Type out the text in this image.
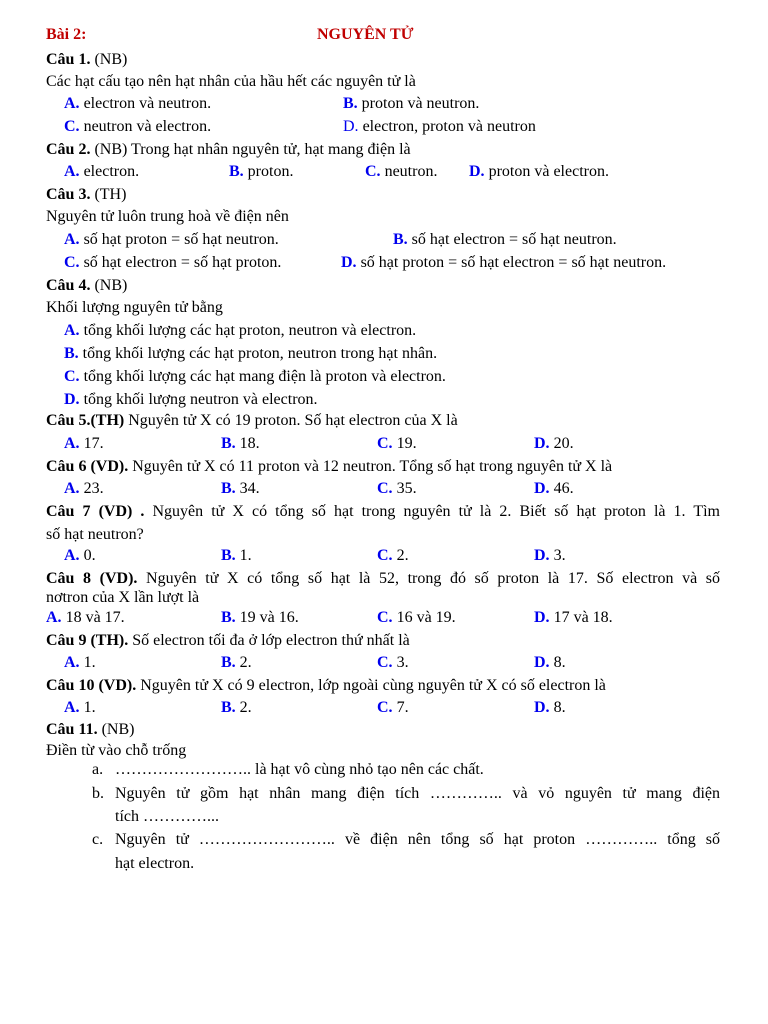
Bài 2:	NGUYÊN TỬ
Câu 1. (NB)
Các hạt cấu tạo nên hạt nhân của hầu hết các nguyên tử là
A. electron và neutron.	B. proton và neutron.
C. neutron và electron.	D. electron, proton và neutron
Câu 2. (NB) Trong hạt nhân nguyên tử, hạt mang điện là
A. electron.	B. proton.	C. neutron. D. proton và electron.
Câu 3. (TH)
Nguyên tử luôn trung hoà về điện nên
A. số hạt proton = số hạt neutron.	B. số hạt electron = số hạt neutron.
C. số hạt electron = số hạt proton.	D. số hạt proton = số hạt electron = số hạt neutron.
Câu 4. (NB)
Khối lượng nguyên tử bằng
A. tổng khối lượng các hạt proton, neutron và electron.
B. tổng khối lượng các hạt proton, neutron trong hạt nhân.
C. tổng khối lượng các hạt mang điện là proton và electron.
D. tổng khối lượng neutron và electron.
Câu 5.(TH) Nguyên tử X có 19 proton. Số hạt electron của X là
A. 17.	B. 18.	C. 19.	D. 20.
Câu 6 (VD). Nguyên tử X có 11 proton và 12 neutron. Tổng số hạt trong nguyên tử X là
A. 23.	B. 34.	C. 35.	D. 46.
Câu 7 (VD) . Nguyên tử X có tổng số hạt trong nguyên tử là 2. Biết số hạt proton là 1. Tìm
số hạt neutron?
A. 0.	B. 1.	C. 2.	D. 3.
Câu 8 (VD). Nguyên tử X có tổng số hạt là 52, trong đó số proton là 17. Số electron và số
nơtron của X lần lượt là
A. 18 và 17.	B. 19 và 16.	C. 16 và 19.	D. 17 và 18.
Câu 9 (TH). Số electron tối đa ở lớp electron thứ nhất là
A. 1.	B. 2.	C. 3.	D. 8.
Câu 10 (VD). Nguyên tử X có 9 electron, lớp ngoài cùng nguyên tử X có số electron là
A. 1.	B. 2.	C. 7.	D. 8.
Câu 11. (NB)
Điền từ vào chỗ trống
a. …………………….. là hạt vô cùng nhỏ tạo nên các chất.
b. Nguyên tử gồm hạt nhân mang điện tích ………….. và vỏ nguyên tử mang điện
tích …………...
c. Nguyên tử …………………….. về điện nên tổng số hạt proton ………….. tổng số
hạt electron.
